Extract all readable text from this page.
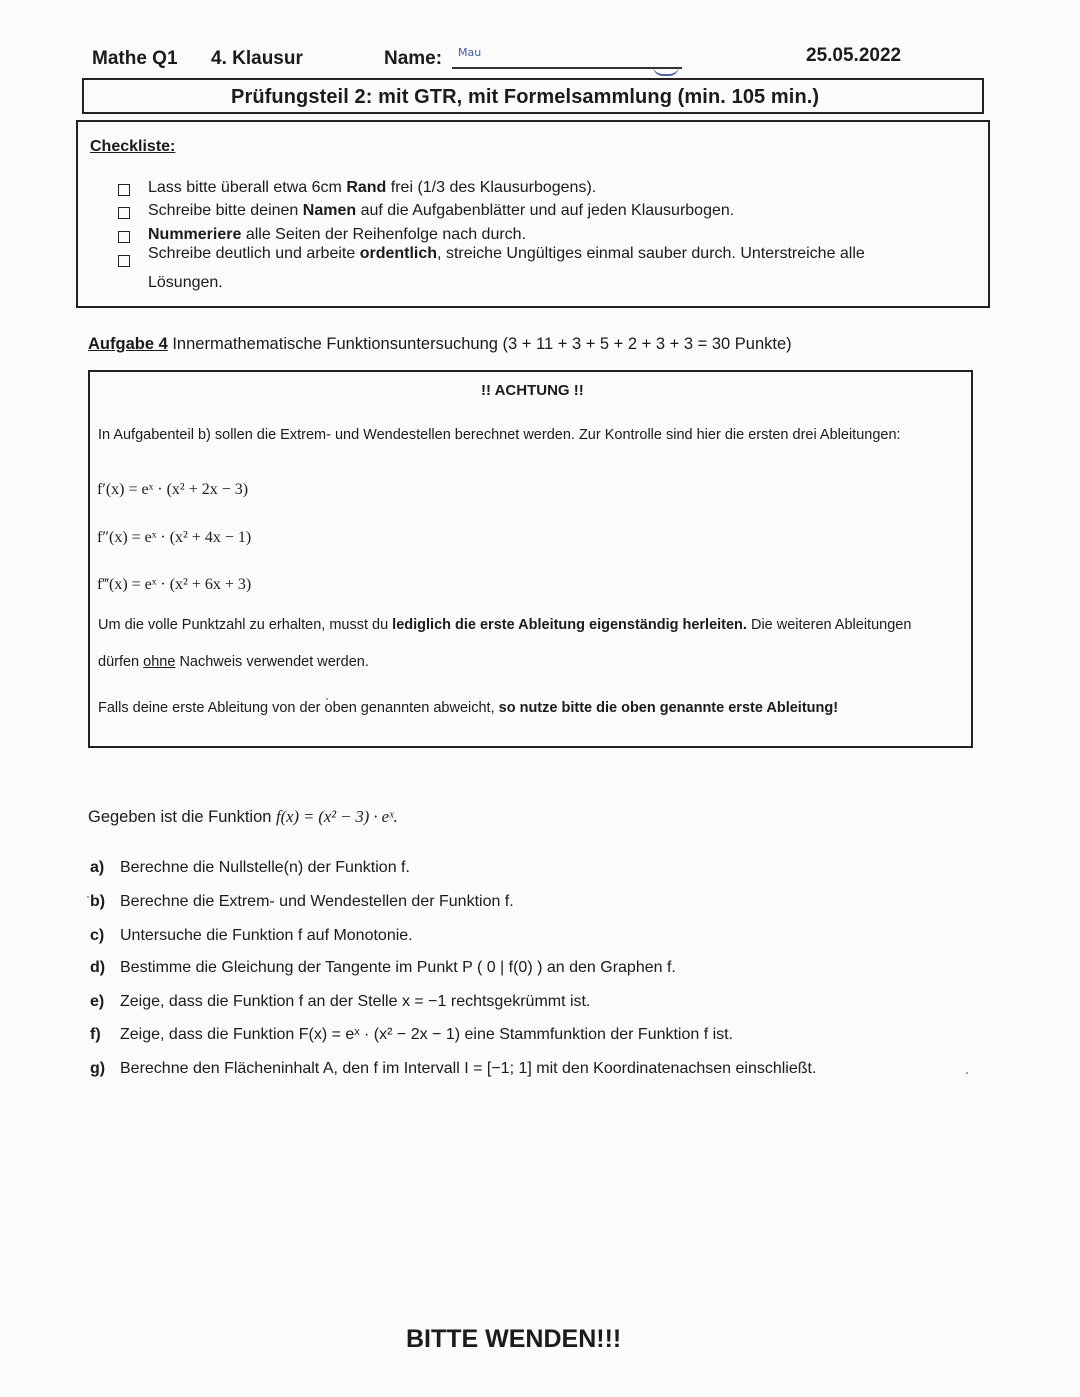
Mathe Q1 4. Klausur	Name: Mau	25.05.2022
Prüfungsteil 2: mit GTR, mit Formelsammlung (min. 105 min.)
Checkliste:
Lass bitte überall etwa 6cm Rand frei (1/3 des Klausurbogens).
Schreibe bitte deinen Namen auf die Aufgabenblätter und auf jeden Klausurbogen.
Nummeriere alle Seiten der Reihenfolge nach durch.
Schreibe deutlich und arbeite ordentlich, streiche Ungültiges einmal sauber durch. Unterstreiche alle
Lösungen.
Aufgabe 4 Innermathematische Funktionsuntersuchung (3 + 11 + 3 + 5 + 2 + 3 + 3 = 30 Punkte)
!! ACHTUNG !!
In Aufgabenteil b) sollen die Extrem- und Wendestellen berechnet werden. Zur Kontrolle sind hier die ersten drei Ableitungen:
f′(x) = eˣ · (x² + 2x − 3)
f″(x) = eˣ · (x² + 4x − 1)
f‴(x) = eˣ · (x² + 6x + 3)
Um die volle Punktzahl zu erhalten, musst du lediglich die erste Ableitung eigenständig herleiten. Die weiteren Ableitungen
dürfen ohne Nachweis verwendet werden.
Falls deine erste Ableitung von der oben genannten abweicht, so nutze bitte die oben genannte erste Ableitung!
Gegeben ist die Funktion f(x) = (x² − 3) · eˣ.
a) Berechne die Nullstelle(n) der Funktion f.
b) Berechne die Extrem- und Wendestellen der Funktion f.
c) Untersuche die Funktion f auf Monotonie.
d) Bestimme die Gleichung der Tangente im Punkt P ( 0 | f(0) ) an den Graphen f.
e) Zeige, dass die Funktion f an der Stelle x = −1 rechtsgekrümmt ist.
f) Zeige, dass die Funktion F(x) = eˣ · (x² − 2x − 1) eine Stammfunktion der Funktion f ist.
g) Berechne den Flächeninhalt A, den f im Intervall I = [−1; 1] mit den Koordinatenachsen einschließt.
BITTE WENDEN!!!
